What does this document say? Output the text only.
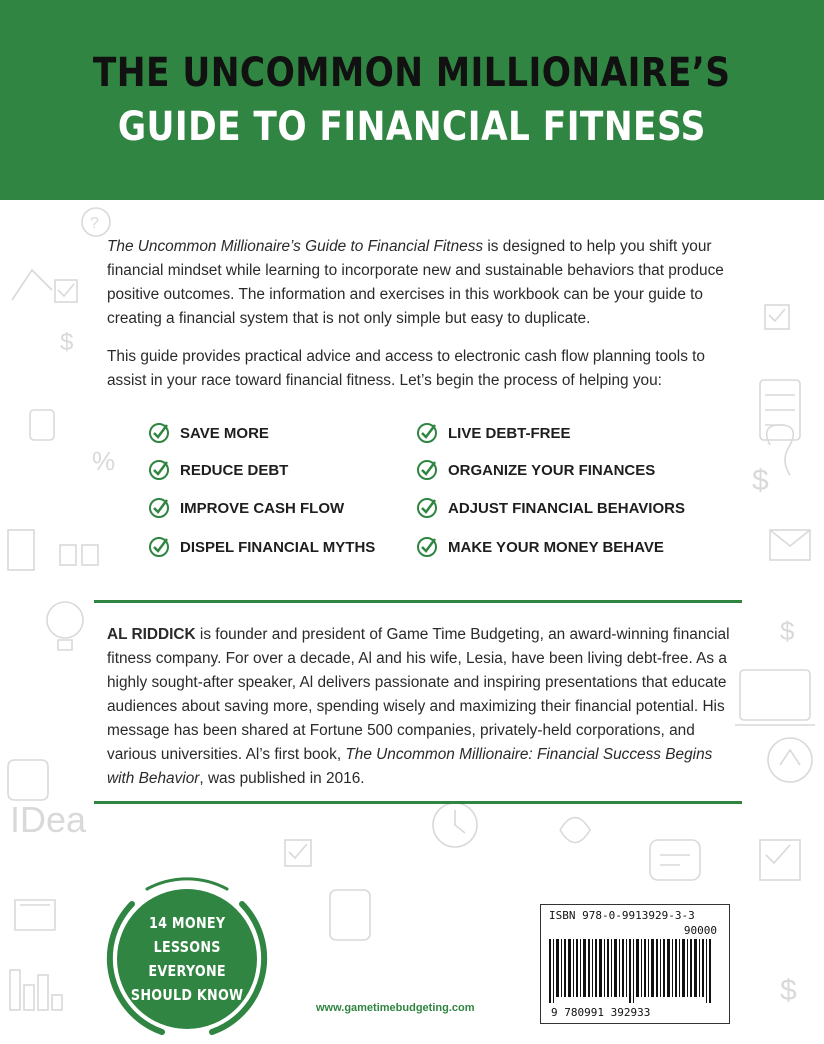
?
$
%
IDea
$
$
$
THE UNCOMMON MILLIONAIRE’S
GUIDE TO FINANCIAL FITNESS

The Uncommon Millionaire’s Guide to Financial Fitness is designed to help you shift your financial mindset while learning to incorporate new and sustainable behaviors that produce positive outcomes. The information and exercises in this workbook can be your guide to creating a financial system that is not only simple but easy to duplicate.

This guide provides practical advice and access to electronic cash flow planning tools to assist in your race toward financial fitness. Let’s begin the process of helping you:

SAVE MORE	LIVE DEBT-FREE
REDUCE DEBT	ORGANIZE YOUR FINANCES
IMPROVE CASH FLOW	ADJUST FINANCIAL BEHAVIORS
DISPEL FINANCIAL MYTHS	MAKE YOUR MONEY BEHAVE
AL RIDDICK is founder and president of Game Time Budgeting, an award-winning financial fitness company. For over a decade, Al and his wife, Lesia, have been living debt-free. As a highly sought-after speaker, Al delivers passionate and inspiring presentations that educate audiences about saving more, spending wisely and maximizing their financial potential. His message has been shared at Fortune 500 companies, privately-held corporations, and various universities. Al’s first book, The Uncommon Millionaire: Financial Success Begins with Behavior, was published in 2016.
14 MONEY
LESSONS
EVERYONE
SHOULD KNOW
www.gametimebudgeting.com
ISBN 978-0-9913929-3-3
90000
9 780991 392933
